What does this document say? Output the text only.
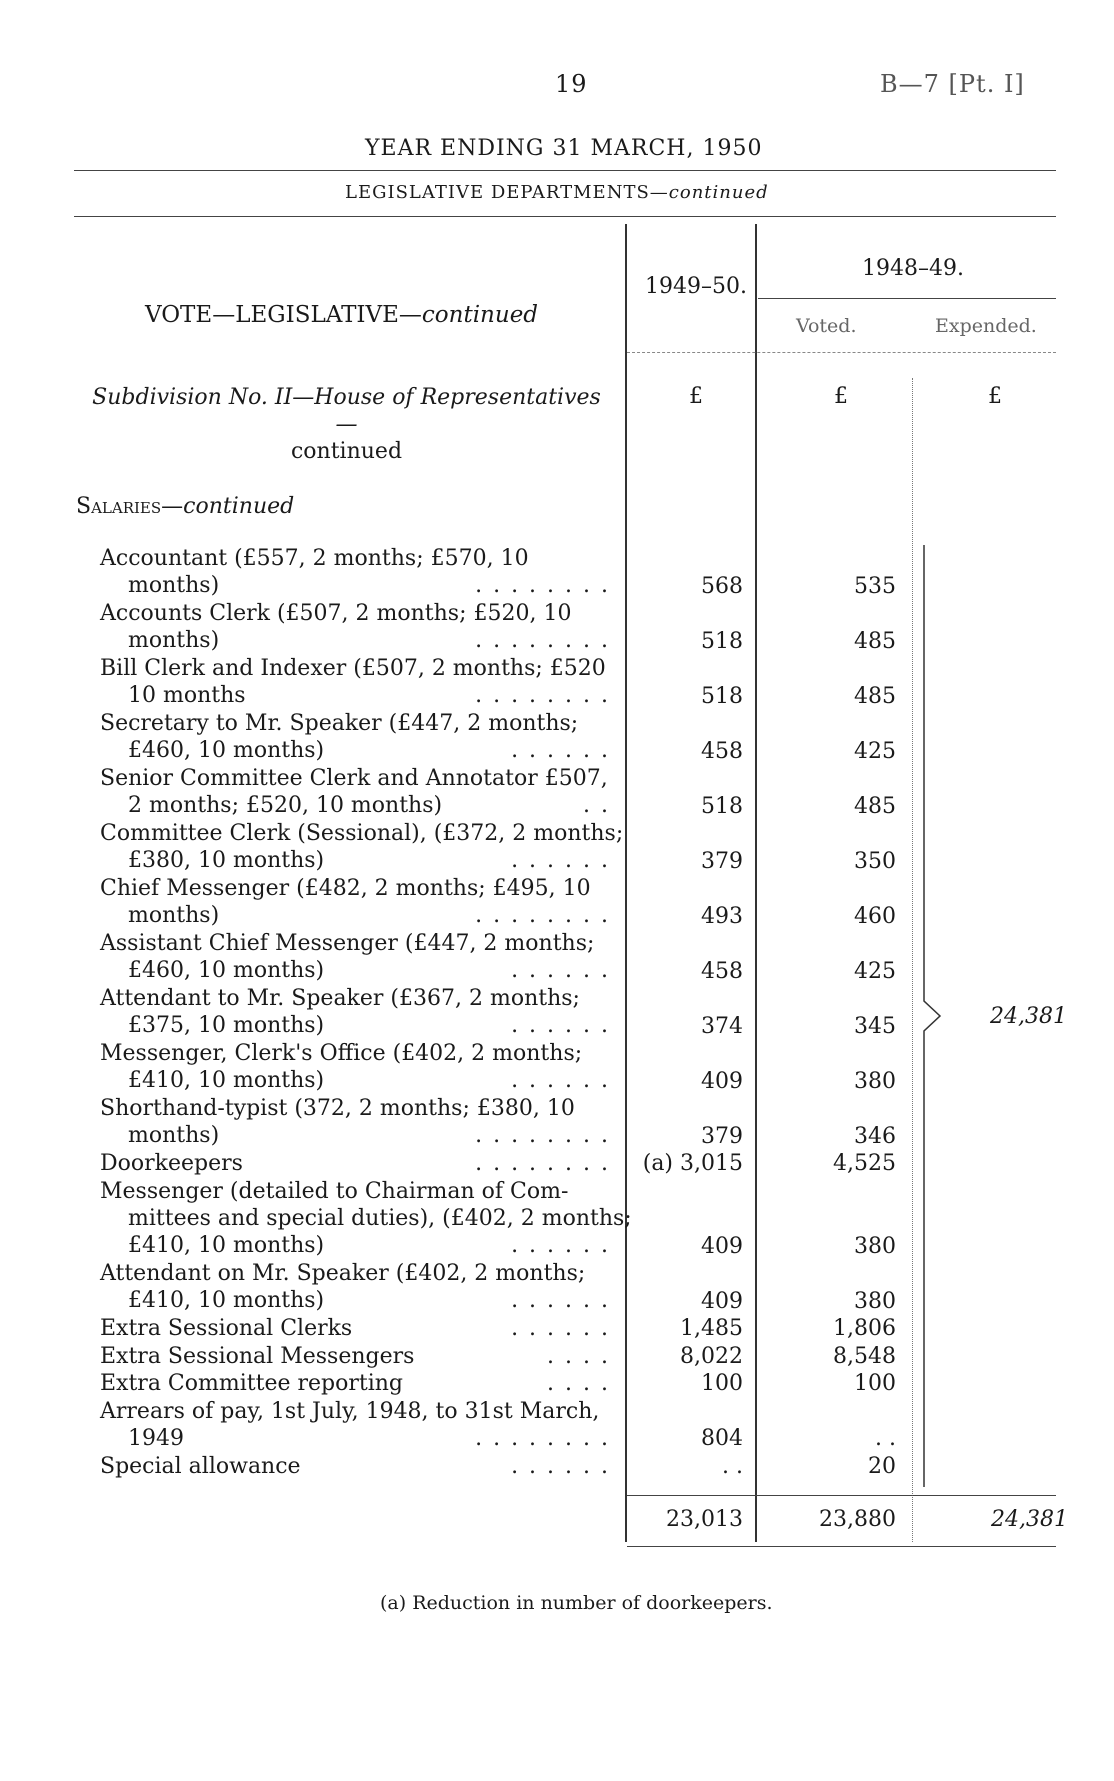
19	B—7 [Pt. I]
YEAR ENDING 31 MARCH, 1950
LEGISLATIVE DEPARTMENTS—continued
VOTE—LEGISLATIVE—continued
1949–50.
1948–49.
Voted.	Expended.
Subdivision No. II—House of Representatives—
continued
£	£	£
Salaries—continued
Accountant (£557, 2 months; £570, 10
months)	. . . . . . . .	568	535
Accounts Clerk (£507, 2 months; £520, 10
months)	. . . . . . . .	518	485
Bill Clerk and Indexer (£507, 2 months; £520
10 months	. . . . . . . .	518	485
Secretary to Mr. Speaker (£447, 2 months;
£460, 10 months)	. . . . . .	458	425
Senior Committee Clerk and Annotator £507,
2 months; £520, 10 months)	. .	518	485
Committee Clerk (Sessional), (£372, 2 months;
£380, 10 months)	. . . . . .	379	350
Chief Messenger (£482, 2 months; £495, 10
months)	. . . . . . . .	493	460
Assistant Chief Messenger (£447, 2 months;
£460, 10 months)	. . . . . .	458	425
Attendant to Mr. Speaker (£367, 2 months;
£375, 10 months)	. . . . . .	374	345
Messenger, Clerk's Office (£402, 2 months;
£410, 10 months)	. . . . . .	409	380
Shorthand-typist (372, 2 months; £380, 10
months)	. . . . . . . .	379	346
Doorkeepers	. . . . . . . .	(a) 3,015	4,525
Messenger (detailed to Chairman of Com-
mittees and special duties), (£402, 2 months;
£410, 10 months)	. . . . . .	409	380
Attendant on Mr. Speaker (£402, 2 months;
£410, 10 months)	. . . . . .	409	380
Extra Sessional Clerks	. . . . . .	1,485	1,806
Extra Sessional Messengers	. . . .	8,022	8,548
Extra Committee reporting	. . . .	100	100
Arrears of pay, 1st July, 1948, to 31st March,
1949	. . . . . . . .	804	. .
Special allowance	. . . . . .	. .	20
24,381
23,013	23,880	24,381
(a) Reduction in number of doorkeepers.
